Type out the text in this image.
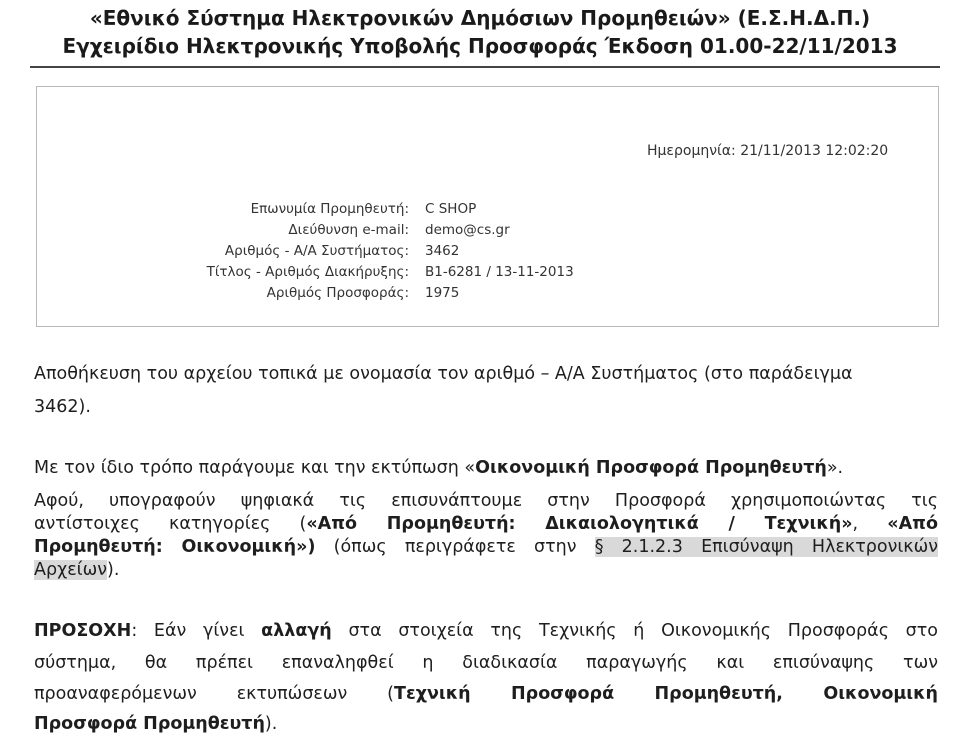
«Εθνικό Σύστημα Ηλεκτρονικών Δημόσιων Προμηθειών» (Ε.Σ.Η.Δ.Π.)
Εγχειρίδιο Ηλεκτρονικής Υποβολής Προσφοράς Έκδοση 01.00-22/11/2013
Ημερομηνία: 21/11/2013 12:02:20
Επωνυμία Προμηθευτή: C SHOP
Διεύθυνση e-mail: demo@cs.gr
Αριθμός - Α/Α Συστήματος: 3462
Τίτλος - Αριθμός Διακήρυξης: Β1-6281 / 13-11-2013
Αριθμός Προσφοράς: 1975
Αποθήκευση του αρχείου τοπικά με ονομασία τον αριθμό – Α/Α Συστήματος (στο παράδειγμα
3462).
Με τον ίδιο τρόπο παράγουμε και την εκτύπωση «Οικονομική Προσφορά Προμηθευτή».
Αφού, υπογραφούν ψηφιακά τις επισυνάπτουμε στην Προσφορά χρησιμοποιώντας τις
αντίστοιχες κατηγορίες («Από Προμηθευτή: Δικαιολογητικά / Τεχνική», «Από
Προμηθευτή: Οικονομική») (όπως περιγράφετε στην § 2.1.2.3 Επισύναψη Ηλεκτρονικών
Αρχείων).
ΠΡΟΣΟΧΗ: Εάν γίνει αλλαγή στα στοιχεία της Τεχνικής ή Οικονομικής Προσφοράς στο
σύστημα, θα πρέπει επαναληφθεί η διαδικασία παραγωγής και επισύναψης των
προαναφερόμενων εκτυπώσεων (Τεχνική Προσφορά Προμηθευτή, Οικονομική
Προσφορά Προμηθευτή).
